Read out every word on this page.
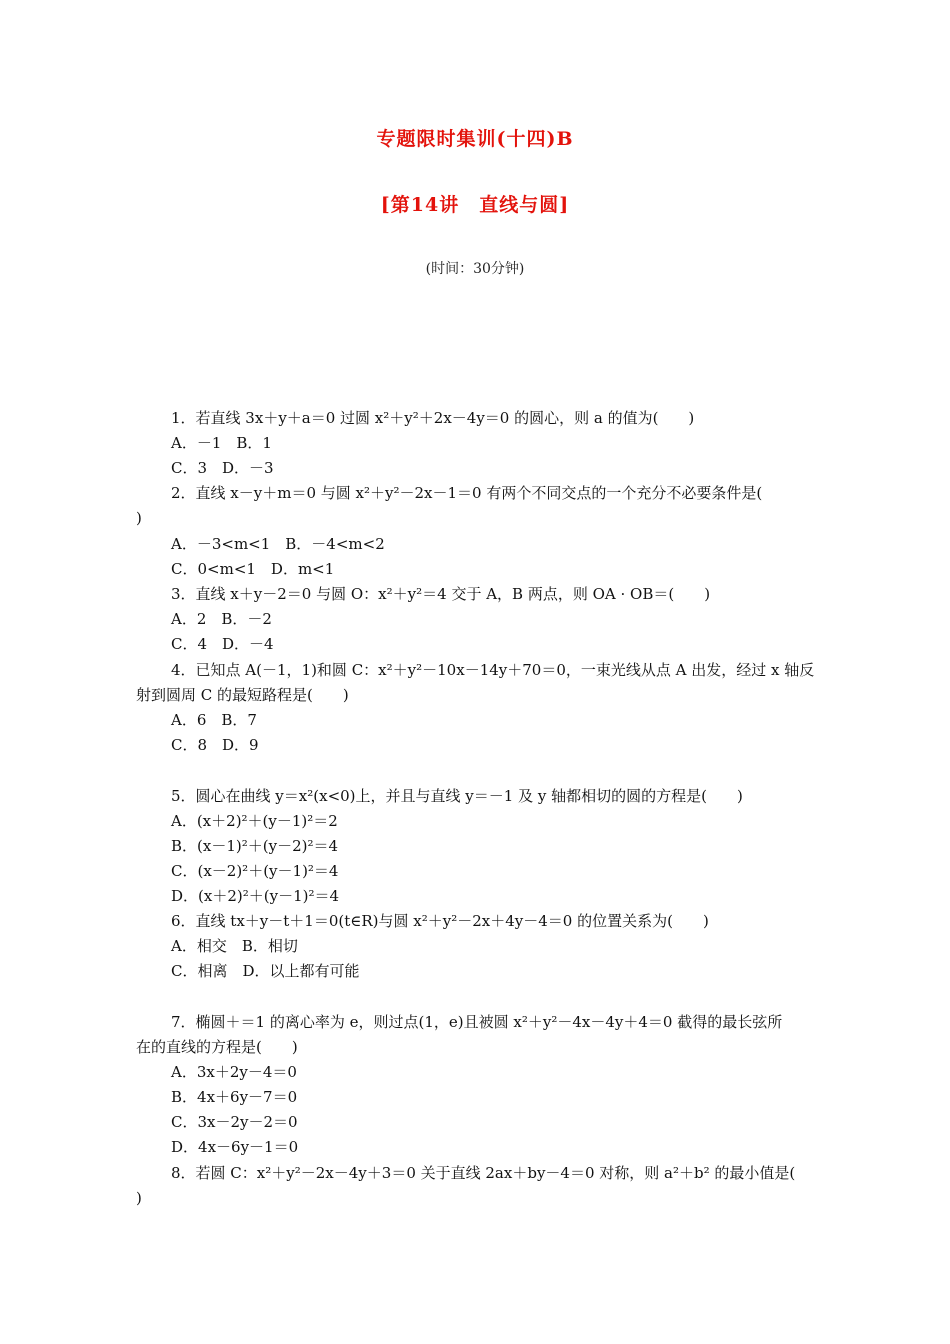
专题限时集训(十四)B
[第14讲　直线与圆]
(时间：30分钟)
1．若直线 3x＋y＋a＝0 过圆 x²＋y²＋2x－4y＝0 的圆心，则 a 的值为(　　)
A．－1　B．1
C．3　D．－3
2．直线 x－y＋m＝0 与圆 x²＋y²－2x－1＝0 有两个不同交点的一个充分不必要条件是(
)
A．－3<m<1　B．－4<m<2
C．0<m<1　D．m<1
3．直线 x＋y－2＝0 与圆 O：x²＋y²＝4 交于 A，B 两点，则 OA · OB＝(　　)
A．2　B．－2
C．4　D．－4
4．已知点 A(－1，1)和圆 C：x²＋y²－10x－14y＋70＝0，一束光线从点 A 出发，经过 x 轴反
射到圆周 C 的最短路程是(　　)
A．6　B．7
C．8　D．9
5．圆心在曲线 y＝x²(x<0)上，并且与直线 y＝－1 及 y 轴都相切的圆的方程是(　　)
A．(x＋2)²＋(y－1)²＝2
B．(x－1)²＋(y－2)²＝4
C．(x－2)²＋(y－1)²＝4
D．(x＋2)²＋(y－1)²＝4
6．直线 tx＋y－t＋1＝0(t∈R)与圆 x²＋y²－2x＋4y－4＝0 的位置关系为(　　)
A．相交　B．相切
C．相离　D．以上都有可能
7．椭圆＋＝1 的离心率为 e，则过点(1，e)且被圆 x²＋y²－4x－4y＋4＝0 截得的最长弦所
在的直线的方程是(　　)
A．3x＋2y－4＝0
B．4x＋6y－7＝0
C．3x－2y－2＝0
D．4x－6y－1＝0
8．若圆 C：x²＋y²－2x－4y＋3＝0 关于直线 2ax＋by－4＝0 对称，则 a²＋b² 的最小值是(
)
